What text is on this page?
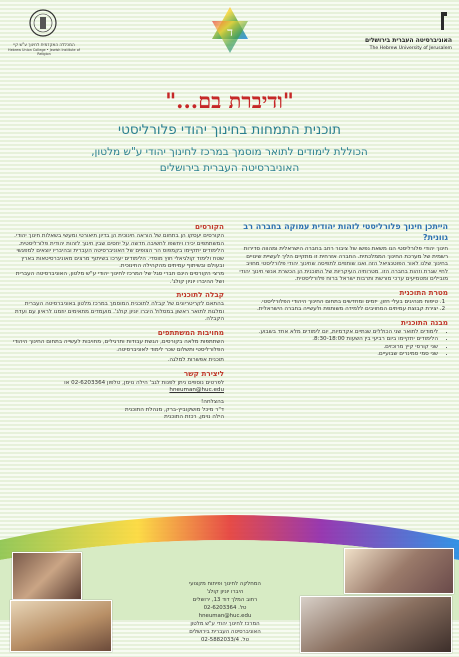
המכללה האקדמית לחינוך ע"ש קיי
Hebrew Union College • Jewish Institute of Religion
ד
האוניברסיטה העברית בירושלים
The Hebrew University of Jerusalem
"ודיברת בם..."
תוכנית התמחות בחינוך יהודי פלורליסטי
הכוללת לימודים לתואר מוסמך במרכז לחינוך יהודי ע"ש מלטון,
האוניברסיטה העברית בירושלים
הייתכן חינוך פלורליסטי לזהות יהודית עמוקה בחברה רב גוונית?
חינוך יהודי פלורליסטי הנו משאת נפשו של ציבור רחב בחברה הישראלית ומהווה סדירות רשמית של מערכת החינוך הממלכתית. החברה אזרחית זו מתקיים הליך לעשיית שינויים בחינוך שלנו לאור הפוטנציאל הזה ואנו שותפים לתפיסה שחינוך יהודי פלורליסטי מחויב לחיי שגרת וזהות בחברה הזו. מטרותיה העיקריות של התוכנית הן הכשרת אנשי חינוך יהודי מובילים ומטמיעים ערכי מורשת ותרבות ישראל ברוח פלורליסטית.
מטרת התוכנית
1. טיפוח מנהיגים בעלי חזון, יזמים ומחדשים בתחום החינוך היהודי הפלורליסטי.
2. יצירת קבוצת עמיתים המחויבים ללמידה משותפת ולעשייה בחברה הישראלית.
מבנה התוכנית
• לימודים לתואר שני הכוללים שנתיים אקדמיות, יום לימודים מלא אחד בשבוע.
• הלימודים יתקיימו ביום רביעי בין השעות 8:30-18:00.
• שני קורסי קיץ מרוכזים.
• שני סמי סמינרים שבועיים.
הקורסים
הקורסים יעסקו הן בתחום של הוראה חינוכית הן בדיון תיאורטי ומעשי בשאלות חינוך יהודי. המשתתפים יכירו ויחשפו לחשיבה חדשה על יחסים שבין חינוך לזהות יהודית פלורליסטית. הלימודים יתקיימו בקמפוס הר הצופים של האוניברסיטה העברית ובהיבריו יוצאים למפגשי שטח ולימוד קולגיאלי חוץ מוסדי. הלימודים יערכו בשיתוף מרצים מאוניברסיטאות בארץ ובעולם ובשיתוף עמיתים מהקהילה החינוכית.
מרצי הקורסים הינם חברי סגל של המרכז לחינוך יהודי ע"ש מלטון, האוניברסיטה העברית ושל ההיברו יוניון קולג'.
קבלה לתוכנית
בהתאם לקריטריונים של קבלה לתוכנית המוסמך במרכז מלטון באוניברסיטה העברית ומלגות לתואר ראשון במסלול היברו יוניון קולג'. מועמדים מתאימים יוזמנו לראיון עם ועדת הקבלה.
מחויבות המשתתפים
השתתפות מלאה בקורסים, הגשת עבודות ותרגילים, מחויבות לעשייה בתחום החינוך היהודי הפלורליסטי ותשלום שכר לימוד לאוניברסיטה.
תוכנית אפשרות למלגה.
ליצירת קשר
לפרטים נוספים ניתן לפנות לגב' הילה נוימן, טלפון 02-6203364 או
hneuman@huc.edu
בהצלחה!
ד"ר מיכל מושקוביץ-ברק, מנהלת התוכנית
הילה נוימן, רכזת התוכנית
המחלקה לחינוך ופיתוח מקצועי
היברו יוניון קולג'
רחוב המלך דוד 13, ירושלים
טל. 02-6203364
hneuman@huc.edu
המרכז לחינוך יהודי ע"ש מלטון
האוניברסיטה העברית בירושלים
טל. 02-5882033/4
